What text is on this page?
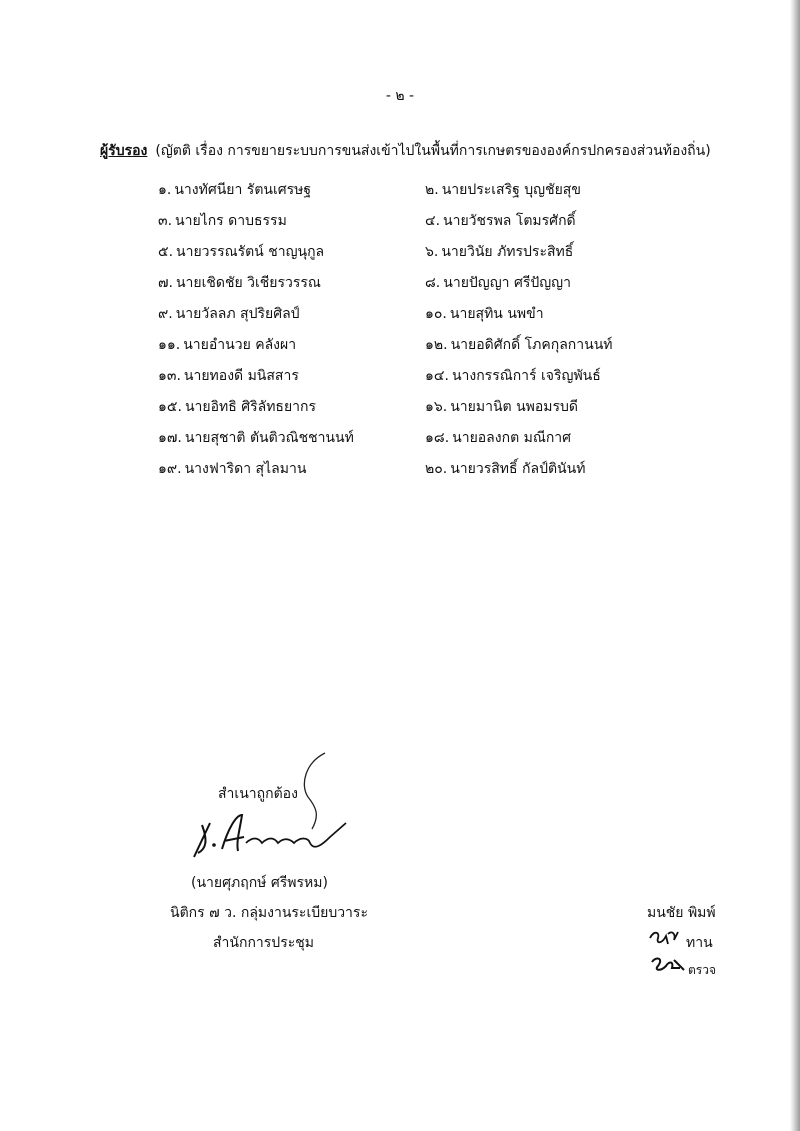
- ๒ -
ผู้รับรอง (ญัตติ เรื่อง การขยายระบบการขนส่งเข้าไปในพื้นที่การเกษตรขององค์กรปกครองส่วนท้องถิ่น)
๑. นางทัศนียา รัตนเศรษฐ
๓. นายไกร ดาบธรรม
๕. นายวรรณรัตน์ ชาญนุกูล
๗. นายเชิดชัย วิเชียรวรรณ
๙. นายวัลลภ สุปริยศิลป์
๑๑. นายอำนวย คลังผา
๑๓. นายทองดี มนิสสาร
๑๕. นายอิทธิ ศิริลัทธยากร
๑๗. นายสุชาติ ตันติวณิชชานนท์
๑๙. นางฟาริดา สุไลมาน
๒. นายประเสริฐ บุญชัยสุข
๔. นายวัชรพล โตมรศักดิ์
๖. นายวินัย ภัทรประสิทธิ์
๘. นายปัญญา ศรีปัญญา
๑๐. นายสุทิน นพขำ
๑๒. นายอดิศักดิ์ โภคกุลกานนท์
๑๔. นางกรรณิการ์ เจริญพันธ์
๑๖. นายมานิต นพอมรบดี
๑๘. นายอลงกต มณีกาศ
๒๐. นายวรสิทธิ์ กัลป์ตินันท์
สำเนาถูกต้อง
(นายศุภฤกษ์ ศรีพรหม)
นิติกร ๗ ว. กลุ่มงานระเบียบวาระ
สำนักการประชุม
มนชัย พิมพ์
ทาน
ตรวจ
